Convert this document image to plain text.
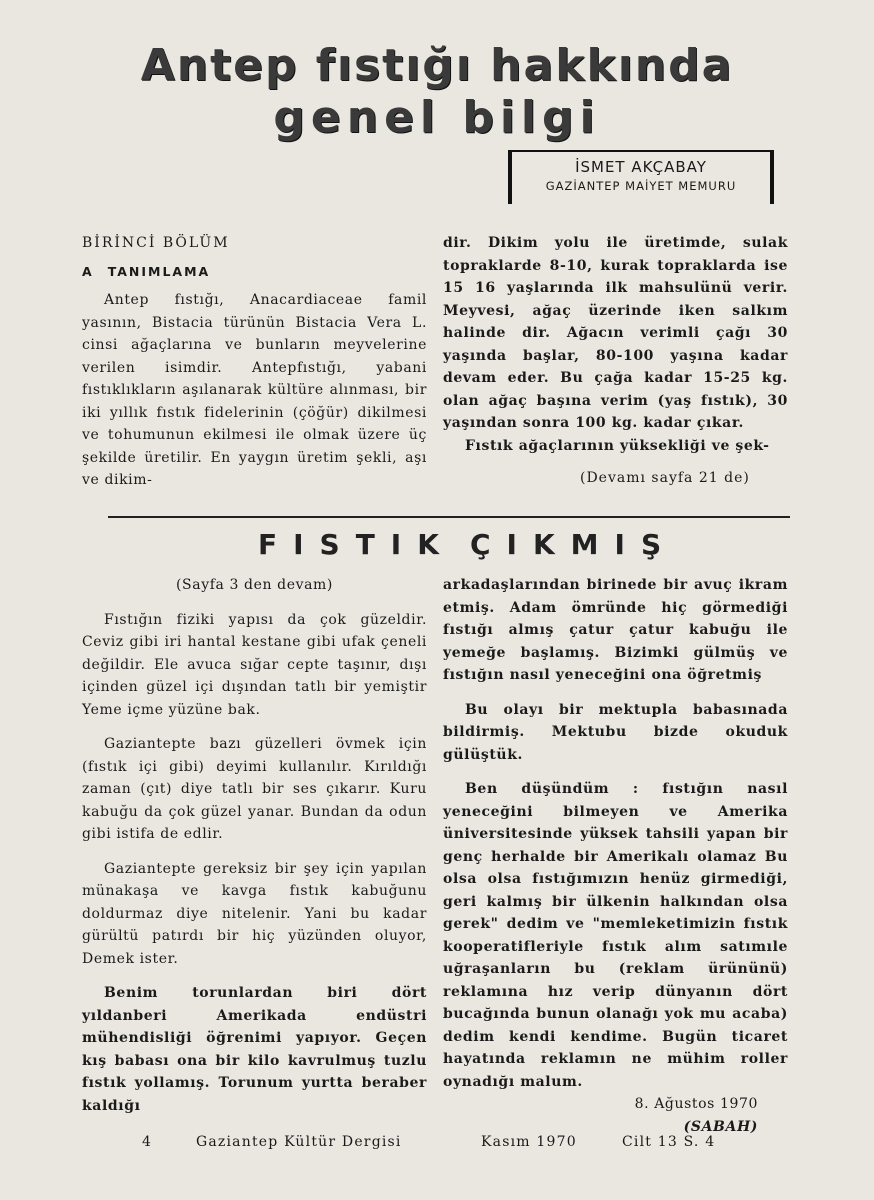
Antep fıstığı hakkında
genel bilgi
İSMET AKÇABAY
GAZİANTEP MAİYET MEMURU

BİRİNCİ BÖLÜM

A TANIMLAMA

Antep fıstığı, Anacardiaceae famil yasının, Bistacia türünün Bistacia Vera L. cinsi ağaçlarına ve bunların meyvelerine verilen isimdir. Antepfıstığı, yabani fıstıklıkların aşılanarak kültüre alınması, bir iki yıllık fıstık fidelerinin (çöğür) dikilmesi ve tohumunun ekilmesi ile olmak üzere üç şekilde üretilir. En yaygın üretim şekli, aşı ve dikim-

dir. Dikim yolu ile üretimde, sulak topraklarde 8-10, kurak topraklarda ise 15 16 yaşlarında ilk mahsulünü verir. Meyvesi, ağaç üzerinde iken salkım halinde dir. Ağacın verimli çağı 30 yaşında başlar, 80-100 yaşına kadar devam eder. Bu çağa kadar 15-25 kg. olan ağaç başına verim (yaş fıstık), 30 yaşından sonra 100 kg. kadar çıkar.

Fıstık ağaçlarının yüksekliği ve şek-

(Devamı sayfa 21 de)
FISTIK ÇIKMIŞ

(Sayfa 3 den devam)

Fıstığın fiziki yapısı da çok güzeldir. Ceviz gibi iri hantal kestane gibi ufak çeneli değildir. Ele avuca sığar cepte taşınır, dışı içinden güzel içi dışından tatlı bir yemiştir Yeme içme yüzüne bak.

Gaziantepte bazı güzelleri övmek için (fıstık içi gibi) deyimi kullanılır. Kırıldığı zaman (çıt) diye tatlı bir ses çıkarır. Kuru kabuğu da çok güzel yanar. Bundan da odun gibi istifa de edlir.

Gaziantepte gereksiz bir şey için yapılan münakaşa ve kavga fıstık kabuğunu doldurmaz diye nitelenir. Yani bu kadar gürültü patırdı bir hiç yüzünden oluyor, Demek ister.

Benim torunlardan biri dört yıldanberi Amerikada endüstri mühendisliği öğrenimi yapıyor. Geçen kış babası ona bir kilo kavrulmuş tuzlu fıstık yollamış. Torunum yurtta beraber kaldığı

arkadaşlarından birinede bir avuç ikram etmiş. Adam ömründe hiç görmediği fıstığı almış çatur çatur kabuğu ile yemeğe başlamış. Bizimki gülmüş ve fıstığın nasıl yeneceğini ona öğretmiş

Bu olayı bir mektupla babasınada bildirmiş. Mektubu bizde okuduk gülüştük.

Ben düşündüm : fıstığın nasıl yeneceğini bilmeyen ve Amerika üniversitesinde yüksek tahsili yapan bir genç herhalde bir Amerikalı olamaz Bu olsa olsa fıstığımızın henüz girmediği, geri kalmış bir ülkenin halkından olsa gerek" dedim ve "memleketimizin fıstık kooperatifleriyle fıstık alım satımıle uğraşanların bu (reklam ürününü) reklamına hız verip dünyanın dört bucağında bunun olanağı yok mu acaba) dedim kendi kendime. Bugün ticaret hayatında reklamın ne mühim roller oynadığı malum.

8. Ağustos 1970

(SABAH)

4	Gaziantep Kültür Dergisi	Kasım 1970	Cilt 13 S. 4
